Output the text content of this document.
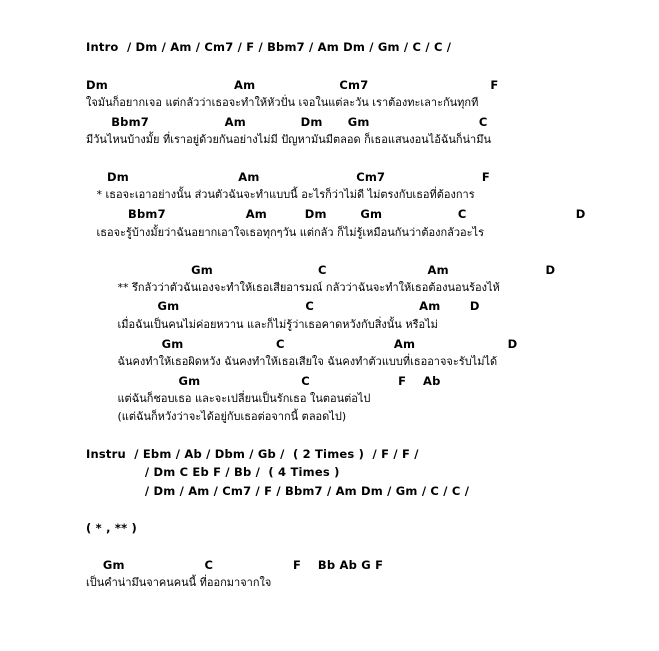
Intro  / Dm / Am / Cm7 / F / Bbm7 / Am Dm / Gm / C / C /
Dm                              Am                    Cm7                             F
ใจมันก็อยากเจอ แต่กลัวว่าเธอจะทำให้หัวปั่น เจอในแต่ละวัน เราต้องทะเลาะกันทุกที
Bbm7                  Am             Dm      Gm                          C
มีวันไหนบ้างมั้ย ที่เราอยู่ด้วยกันอย่างไม่มี ปัญหามันมีตลอด ก็เธอแสนงอนไอ้ฉันก็น่ามึน
Dm                          Am                       Cm7                       F
* เธอจะเอาอย่างนั้น ส่วนตัวฉันจะทำแบบนี้ อะไรก็ว่าไม่ดี ไม่ตรงกับเธอที่ต้องการ
Bbm7                   Am         Dm        Gm                  C                          D
เธอจะรู้บ้างมั้ยว่าฉันอยากเอาใจเธอทุกๆวัน แต่กลัว ก็ไม่รู้เหมือนกันว่าต้องกลัวอะไร
Gm                         C                        Am                       D
** รึกลัวว่าตัวฉันเองจะทำให้เธอเสียอารมณ์ กลัวว่าฉันจะทำให้เธอต้องนอนร้องไห้
Gm                              C                         Am       D
เมื่อฉันเป็นคนไม่ค่อยหวาน และก็ไม่รู้ว่าเธอคาดหวังกับสิ่งนั้น หรือไม่
Gm                      C                          Am                      D
ฉันคงทำให้เธอผิดหวัง ฉันคงทำให้เธอเสียใจ ฉันคงทำตัวแบบที่เธออาจจะรับไม่ได้
Gm                        C                     F    Ab
แต่ฉันก็ชอบเธอ และจะเปลี่ยนเป็นรักเธอ ในตอนต่อไป
(แต่ฉันก็หวังว่าจะได้อยู่กับเธอต่อจากนี้ ตลอดไป)
Instru  / Ebm / Ab / Dbm / Gb /  ( 2 Times )  / F / F /
/ Dm C Eb F / Bb /  ( 4 Times )
/ Dm / Am / Cm7 / F / Bbm7 / Am Dm / Gm / C / C /
( * , ** )
Gm                   C                   F    Bb Ab G F
เป็นคำน่ามึนจาคนคนนี้ ที่ออกมาจากใจ
